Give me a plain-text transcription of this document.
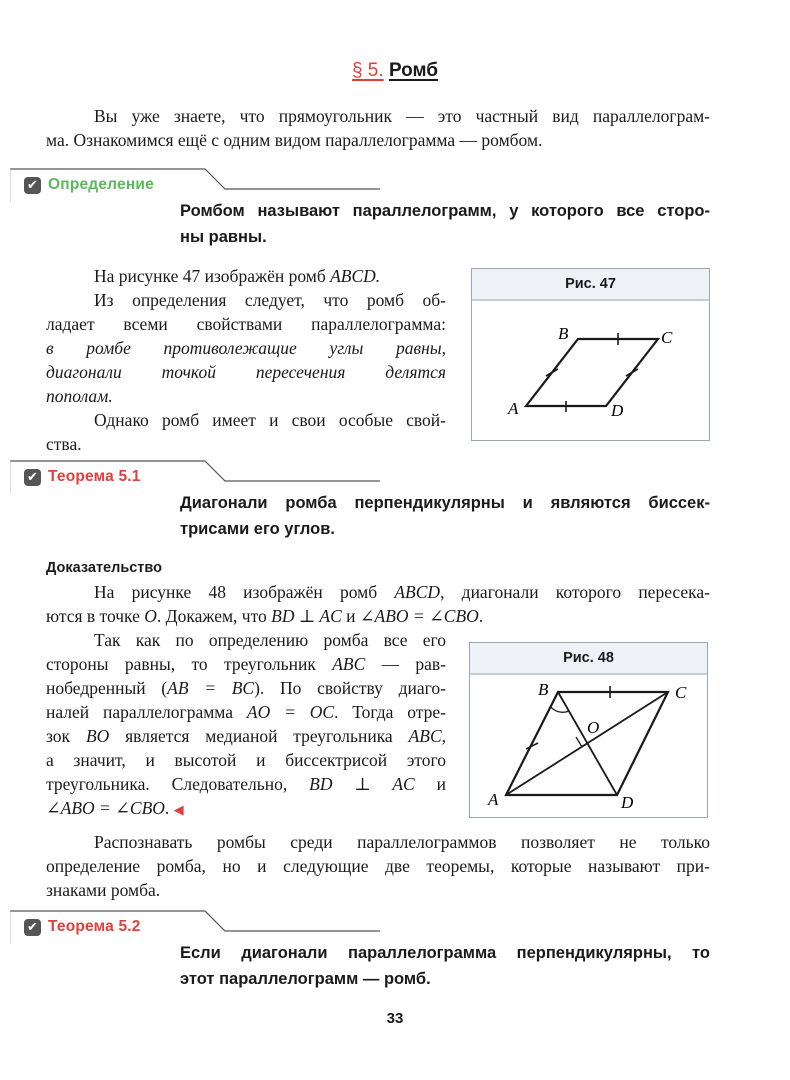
§ 5. Ромб
Вы уже знаете, что прямоугольник — это частный вид параллелограм-
ма. Ознакомимся ещё с одним видом параллелограмма — ромбом.
✔ Определение
Ромбом называют параллелограмм, у которого все сторо-
ны равны.
На рисунке 47 изображён ромб ABCD.
Из определения следует, что ромб об-
ладает всеми свойствами параллелограмма:
в ромбе противолежащие углы равны,
диагонали точкой пересечения делятся
пополам.
Однако ромб имеет и свои особые свой-
ства.
Рис. 47
A
B	C
D
✔ Теорема 5.1
Диагонали ромба перпендикулярны и являются биссек-
трисами его углов.
Доказательство
На рисунке 48 изображён ромб ABCD, диагонали которого пересека-
ются в точке O. Докажем, что BD ⊥ AC и ∠ABO = ∠CBO.
Так как по определению ромба все его
стороны равны, то треугольник ABC — рав-
нобедренный (AB = BC). По свойству диаго-
налей параллелограмма AO = OC. Тогда отре-
зок BO является медианой треугольника ABC,
а значит, и высотой и биссектрисой этого
треугольника. Следовательно, BD ⊥ AC и
∠ABO = ∠CBO. ◀
Рис. 48
A
B	C
D
O
Распознавать ромбы среди параллелограммов позволяет не только
определение ромба, но и следующие две теоремы, которые называют при-
знаками ромба.
✔ Теорема 5.2
Если диагонали параллелограмма перпендикулярны, то
этот параллелограмм — ромб.
33
